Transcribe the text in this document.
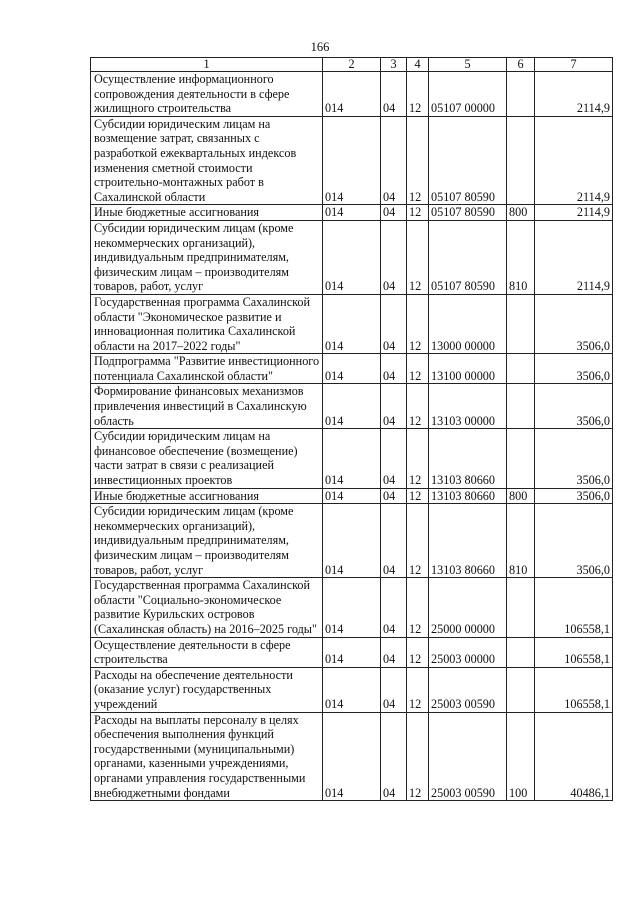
166
1	2	3	4	5	6	7
Осуществление информационного сопровождения деятельности в сфере жилищного строительства	014	04	12	05107 00000		2114,9
Субсидии юридическим лицам на возмещение затрат, связанных с разработкой ежеквартальных индексов изменения сметной стоимости строительно-монтажных работ в Сахалинской области	014	04	12	05107 80590		2114,9
Иные бюджетные ассигнования	014	04	12	05107 80590	800	2114,9
Субсидии юридическим лицам (кроме некоммерческих организаций), индивидуальным предпринимателям, физическим лицам – производителям товаров, работ, услуг	014	04	12	05107 80590	810	2114,9
Государственная программа Сахалинской области "Экономическое развитие и инновационная политика Сахалинской области на 2017–2022 годы"	014	04	12	13000 00000		3506,0
Подпрограмма "Развитие инвестиционного потенциала Сахалинской области"	014	04	12	13100 00000		3506,0
Формирование финансовых механизмов привлечения инвестиций в Сахалинскую область	014	04	12	13103 00000		3506,0
Субсидии юридическим лицам на финансовое обеспечение (возмещение) части затрат в связи с реализацией инвестиционных проектов	014	04	12	13103 80660		3506,0
Иные бюджетные ассигнования	014	04	12	13103 80660	800	3506,0
Субсидии юридическим лицам (кроме некоммерческих организаций), индивидуальным предпринимателям, физическим лицам – производителям товаров, работ, услуг	014	04	12	13103 80660	810	3506,0
Государственная программа Сахалинской области "Социально-экономическое развитие Курильских островов (Сахалинская область) на 2016–2025 годы"	014	04	12	25000 00000		106558,1
Осуществление деятельности в сфере строительства	014	04	12	25003 00000		106558,1
Расходы на обеспечение деятельности (оказание услуг) государственных учреждений	014	04	12	25003 00590		106558,1
Расходы на выплаты персоналу в целях обеспечения выполнения функций государственными (муниципальными) органами, казенными учреждениями, органами управления государственными внебюджетными фондами	014	04	12	25003 00590	100	40486,1
